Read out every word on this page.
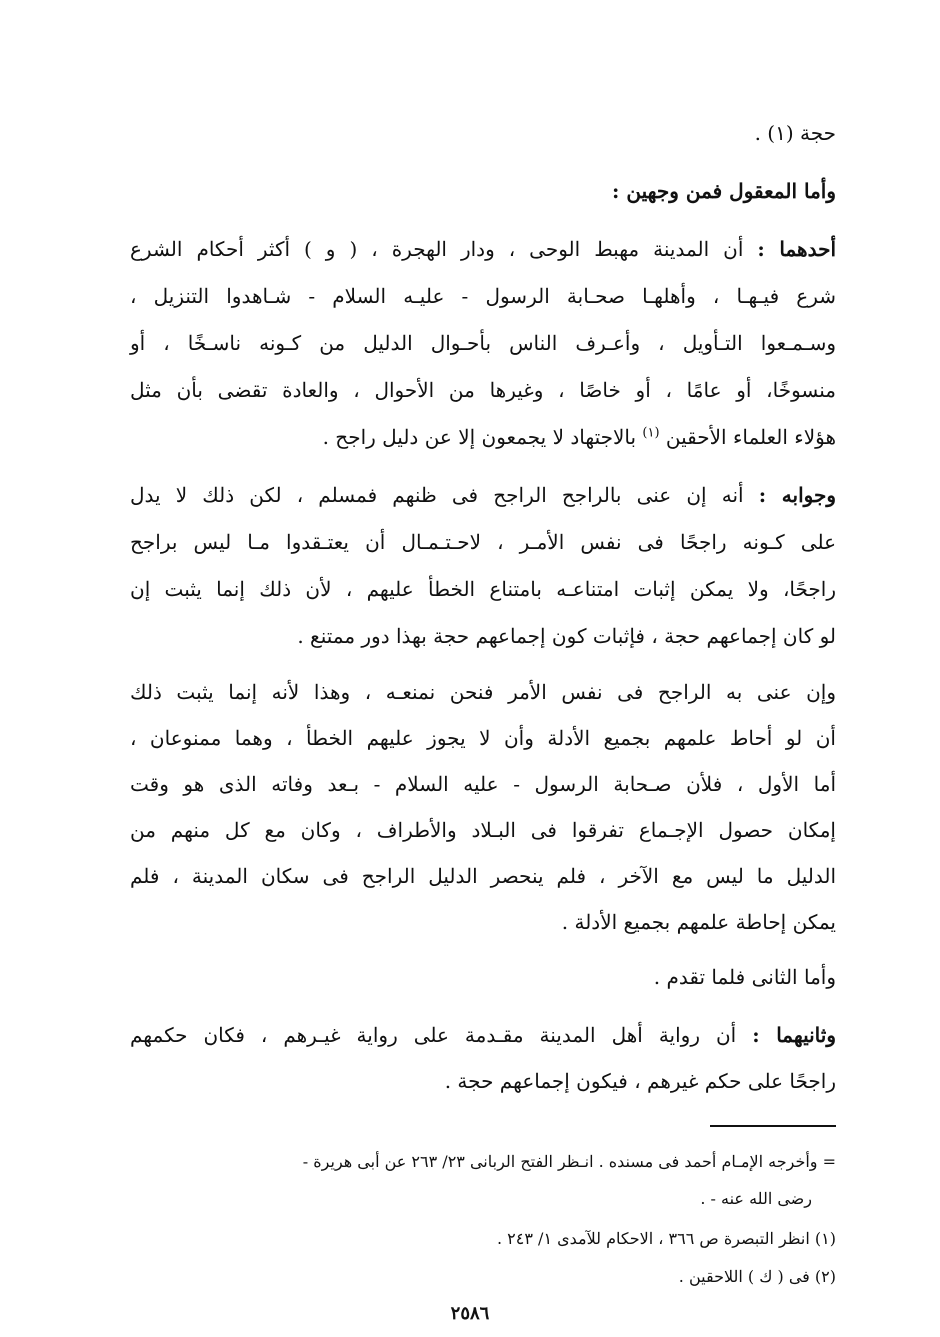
حجة (١) .
وأما المعقول فمن وجهين :
أحدهما : أن المدينة مهبط الوحى ، ودار الهجرة ، ( و ) أكثر أحكام الشرع
شرع فيـهـا ، وأهلهـا صحـابة الرسول - عليـه السلام - شـاهدوا التنزيل ،
وسـمـعوا التـأويل ، وأعـرف الناس بأحـوال الدليل من كـونه ناسـخًا ، أو
منسوخًا، أو عامًا ، أو خاصًا ، وغيرها من الأحوال ، والعادة تقضى بأن مثل
هؤلاء العلماء الأحقين $^{(١)}$ بالاجتهاد لا يجمعون إلا عن دليل راجح .
وجوابه : أنه إن عنى بالراجح الراجح فى ظنهم فمسلم ، لكن ذلك لا يدل
على كـونه راجحًا فى نفس الأمـر ، لاحـتـمـال أن يعتـقدوا مـا ليس براجح
راجحًا، ولا يمكن إثبات امتناعـه بامتناع الخطأ عليهم ، لأن ذلك إنما يثبت إن
لو كان إجماعهم حجة ، فإثبات كون إجماعهم حجة بهذا دور ممتنع .
وإن عنى به الراجح فى نفس الأمر فنحن نمنعـه ، وهذا لأنه إنما يثبت ذلك
أن لو أحاط علمهم بجميع الأدلة وأن لا يجوز عليهم الخطأ ، وهما ممنوعان ،
أما الأول ، فلأن صـحابة الرسول - عليه السلام - بـعد وفاته الذى هو وقت
إمكان حصول الإجـماع تفرقوا فى البـلاد والأطراف ، وكان مع كل منهم من
الدليل ما ليس مع الآخر ، فلم ينحصر الدليل الراجح فى سكان المدينة ، فلم
يمكن إحاطة علمهم بجميع الأدلة .
وأما الثانى فلما تقدم .
وثانيهما : أن رواية أهل المدينة مقـدمة على رواية غيـرهم ، فكان حكمهم
راجحًا على حكم غيرهم ، فيكون إجماعهم حجة .
= وأخرجه الإمـام أحمد فى مسنده . انـظر الفتح الربانى ٢٣/ ٢٦٣ عن أبى هريرة -
رضى الله عنه - .
(١) انظر التبصرة ص ٣٦٦ ، الاحكام للآمدى ١/ ٢٤٣ .
(٢) فى ( ك ) اللاحقين .
٢٥٨٦
